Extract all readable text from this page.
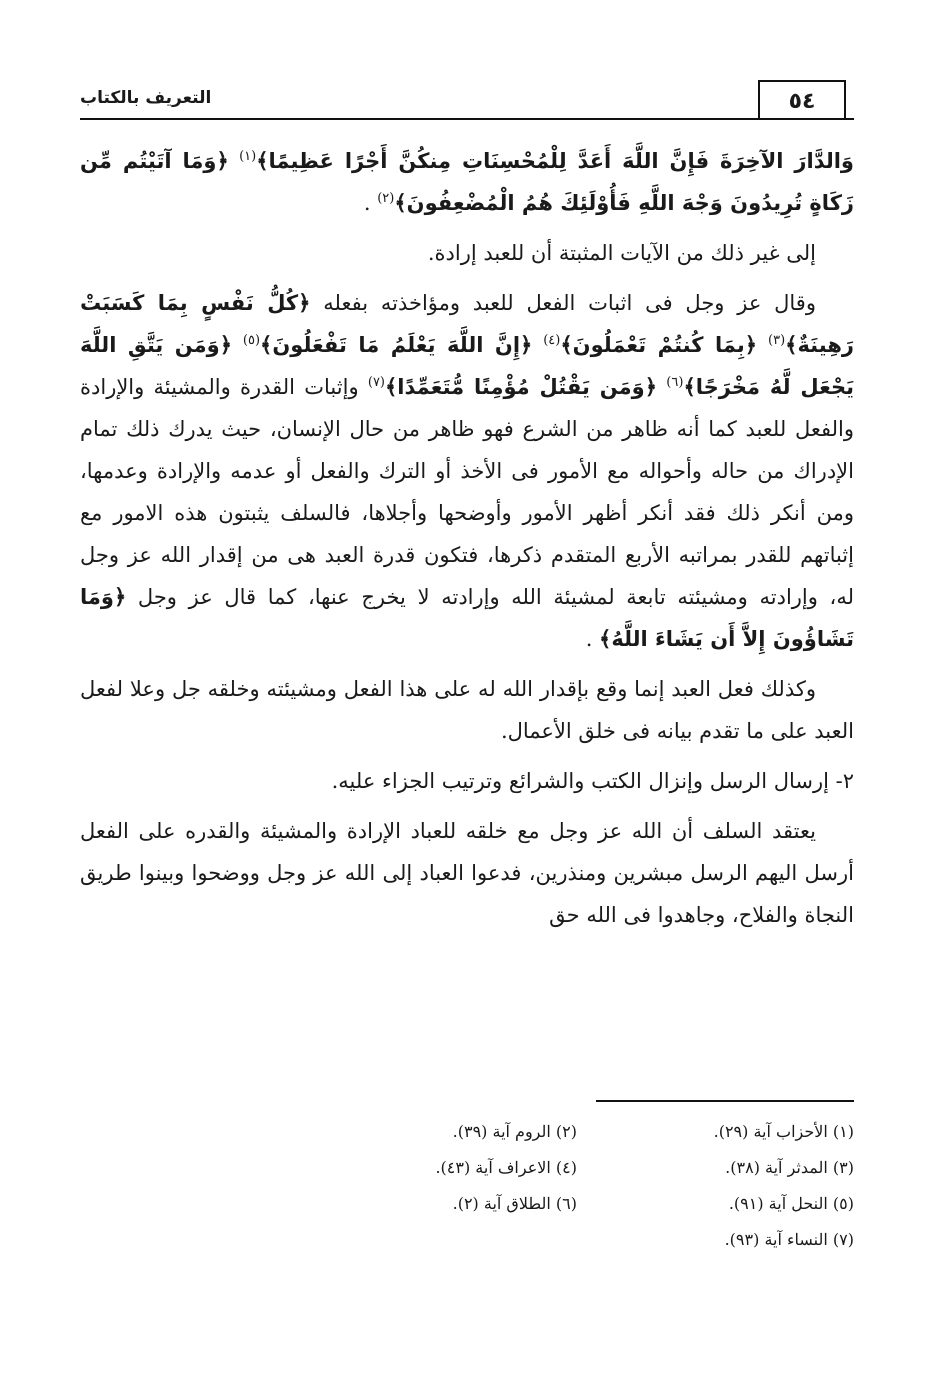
٥٤
التعريف بالكتاب

وَالدَّارَ الآخِرَةَ فَإِنَّ اللَّهَ أَعَدَّ لِلْمُحْسِنَاتِ مِنكُنَّ أَجْرًا عَظِيمًا﴾$^{(١)}$ ﴿وَمَا آتَيْتُم مِّن زَكَاةٍ تُرِيدُونَ وَجْهَ اللَّهِ فَأُوْلَئِكَ هُمُ الْمُضْعِفُونَ﴾$^{(٢)}$ .

إلى غير ذلك من الآيات المثبتة أن للعبد إرادة.

وقال عز وجل فى اثبات الفعل للعبد ومؤاخذته بفعله ﴿كُلُّ نَفْسٍ بِمَا كَسَبَتْ رَهِينَةٌ﴾$^{(٣)}$ ﴿بِمَا كُنتُمْ تَعْمَلُونَ﴾$^{(٤)}$ ﴿إِنَّ اللَّهَ يَعْلَمُ مَا تَفْعَلُونَ﴾$^{(٥)}$ ﴿وَمَن يَتَّقِ اللَّهَ يَجْعَل لَّهُ مَخْرَجًا﴾$^{(٦)}$ ﴿وَمَن يَقْتُلْ مُؤْمِنًا مُّتَعَمِّدًا﴾$^{(٧)}$ وإثبات القدرة والمشيئة والإرادة والفعل للعبد كما أنه ظاهر من الشرع فهو ظاهر من حال الإنسان، حيث يدرك ذلك تمام الإدراك من حاله وأحواله مع الأمور فى الأخذ أو الترك والفعل أو عدمه والإرادة وعدمها، ومن أنكر ذلك فقد أنكر أظهر الأمور وأوضحها وأجلاها، فالسلف يثبتون هذه الامور مع إثباتهم للقدر بمراتبه الأربع المتقدم ذكرها، فتكون قدرة العبد هى من إقدار الله عز وجل له، وإرادته ومشيئته تابعة لمشيئة الله وإرادته لا يخرج عنها، كما قال عز وجل ﴿وَمَا تَشَاؤُونَ إِلاَّ أَن يَشَاءَ اللَّهُ﴾ .

وكذلك فعل العبد إنما وقع بإقدار الله له على هذا الفعل ومشيئته وخلقه جل وعلا لفعل العبد على ما تقدم بيانه فى خلق الأعمال.

٢- إرسال الرسل وإنزال الكتب والشرائع وترتيب الجزاء عليه.

يعتقد السلف أن الله عز وجل مع خلقه للعباد الإرادة والمشيئة والقدره على الفعل أرسل اليهم الرسل مبشرين ومنذرين، فدعوا العباد إلى الله عز وجل ووضحوا وبينوا طريق النجاة والفلاح، وجاهدوا فى الله حق

(١) الأحزاب آية (٢٩).
(٢) الروم آية (٣٩).
(٣) المدثر آية (٣٨).
(٤) الاعراف آية (٤٣).
(٥) النحل آية (٩١).
(٦) الطلاق آية (٢).
(٧) النساء آية (٩٣).
